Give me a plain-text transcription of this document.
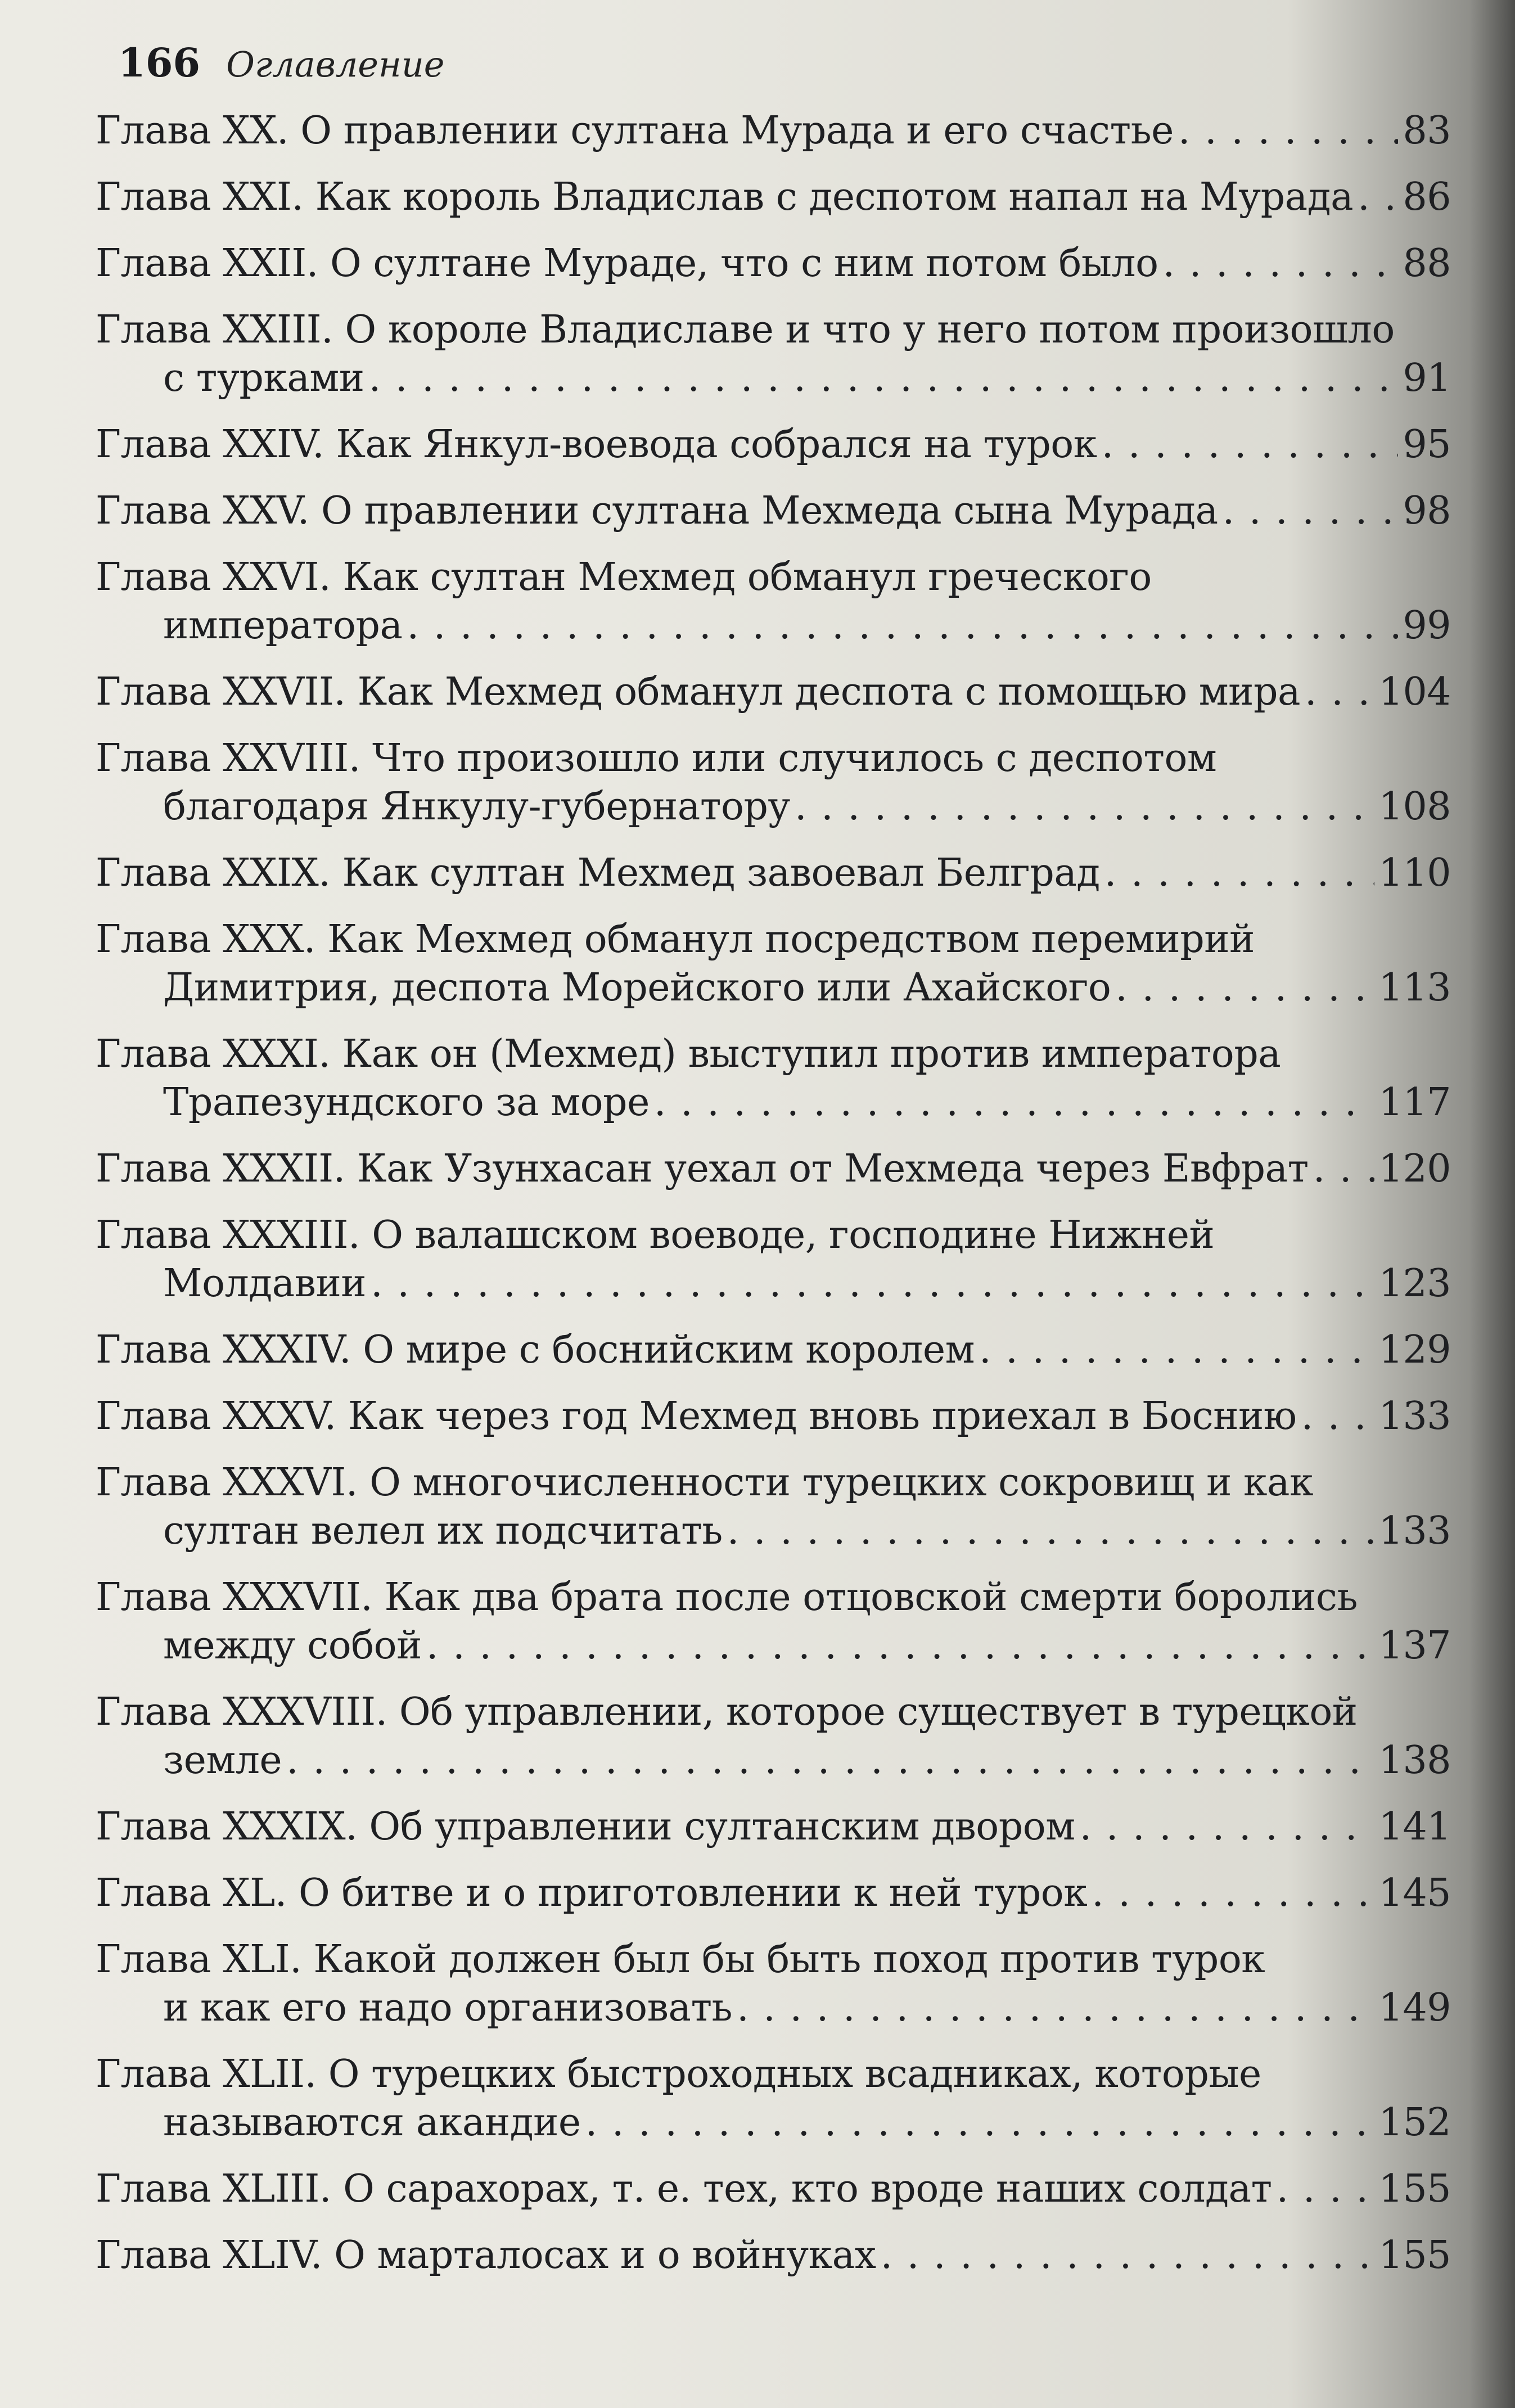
166 Оглавление
Глава XX. О правлении султана Мурада и его счастье . . .	83
Глава XXI. Как король Владислав с деспотом напал на Мурада . . . 86
Глава XXII. О султане Мураде, что с ним потом было . . .	88
Глава XXIII. О короле Владиславе и что у него потом произошло
с турками . . .	91
Глава XXIV. Как Янкул-воевода собрался на турок . . .	95
Глава XXV. О правлении султана Мехмеда сына Мурада . . .	98
Глава XXVI. Как султан Мехмед обманул греческого
императора . . .	99
Глава XXVII. Как Мехмед обманул деспота с помощью мира . . . 104
Глава XXVIII. Что произошло или случилось с деспотом
благодаря Янкулу-губернатору . . .	108
Глава XXIX. Как султан Мехмед завоевал Белград . . .	110
Глава XXX. Как Мехмед обманул посредством перемирий
Димитрия, деспота Морейского или Ахайского . . .	113
Глава XXXI. Как он (Мехмед) выступил против императора
Трапезундского за море . . .	117
Глава XXXII. Как Узунхасан уехал от Мехмеда через Евфрат . . . 120
Глава XXXIII. О валашском воеводе, господине Нижней
Молдавии . . .	123
Глава XXXIV. О мире с боснийским королем . . .	129
Глава XXXV. Как через год Мехмед вновь приехал в Боснию . . . 133
Глава XXXVI. О многочисленности турецких сокровищ и как
султан велел их подсчитать . . .	133
Глава XXXVII. Как два брата после отцовской смерти боролись
между собой . . .	137
Глава XXXVIII. Об управлении, которое существует в турецкой
земле . . .	138
Глава XXXIX. Об управлении султанским двором . . .	141
Глава XL. О битве и о приготовлении к ней турок . . .	145
Глава XLI. Какой должен был бы быть поход против турок
и как его надо организовать . . .	149
Глава XLII. О турецких быстроходных всадниках, которые
называются акандие . . .	152
Глава XLIII. О сарахорах, т. е. тех, кто вроде наших солдат . . .	155
Глава XLIV. О марталосах и о войнуках . . .	155
